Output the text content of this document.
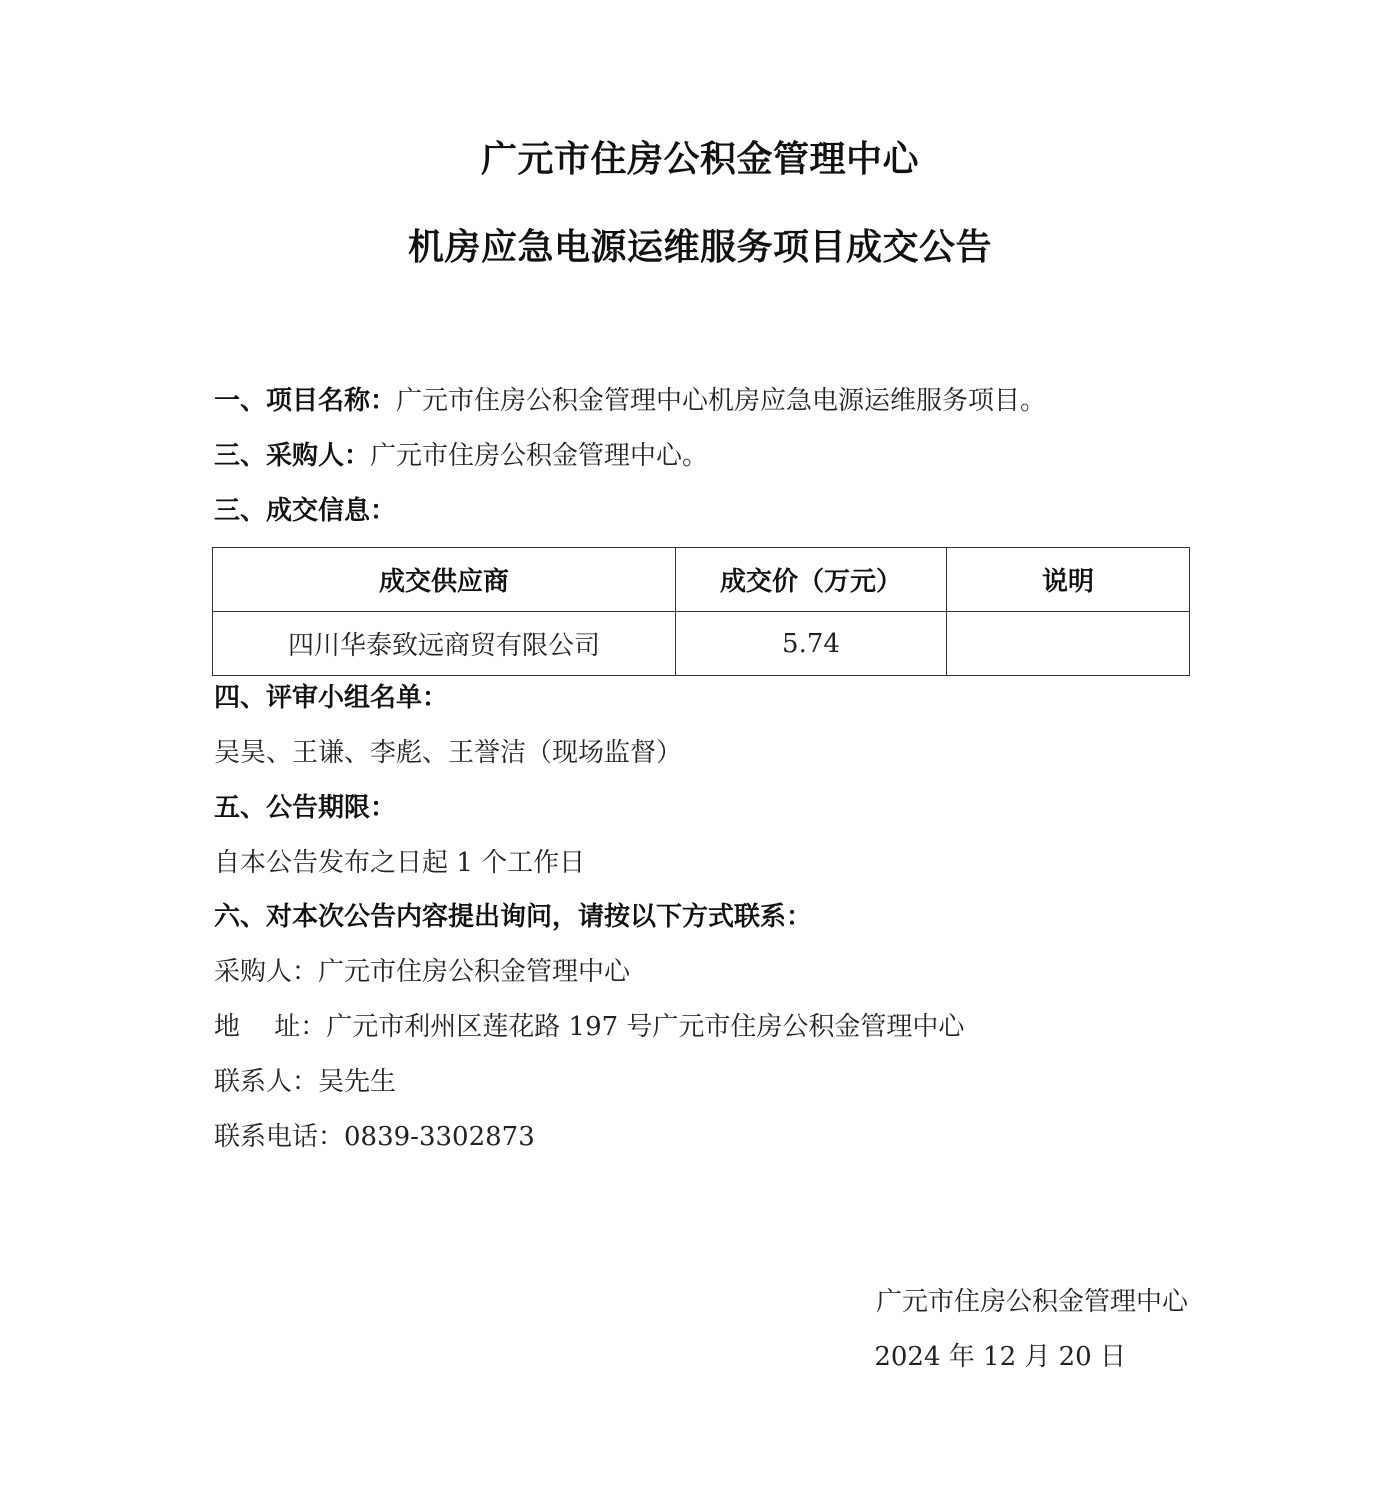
广元市住房公积金管理中心
机房应急电源运维服务项目成交公告
一、项目名称：广元市住房公积金管理中心机房应急电源运维服务项目。
三、采购人：广元市住房公积金管理中心。
三、成交信息：
成交供应商	成交价（万元）	说明
四川华泰致远商贸有限公司	5.74	
四、评审小组名单：
吴昊、王谦、李彪、王誉洁（现场监督）
五、公告期限：
自本公告发布之日起 1 个工作日
六、对本次公告内容提出询问，请按以下方式联系：
采购人：广元市住房公积金管理中心
地　 址：广元市利州区莲花路 197 号广元市住房公积金管理中心
联系人：吴先生
联系电话：0839-3302873
广元市住房公积金管理中心
2024 年 12 月 20 日
